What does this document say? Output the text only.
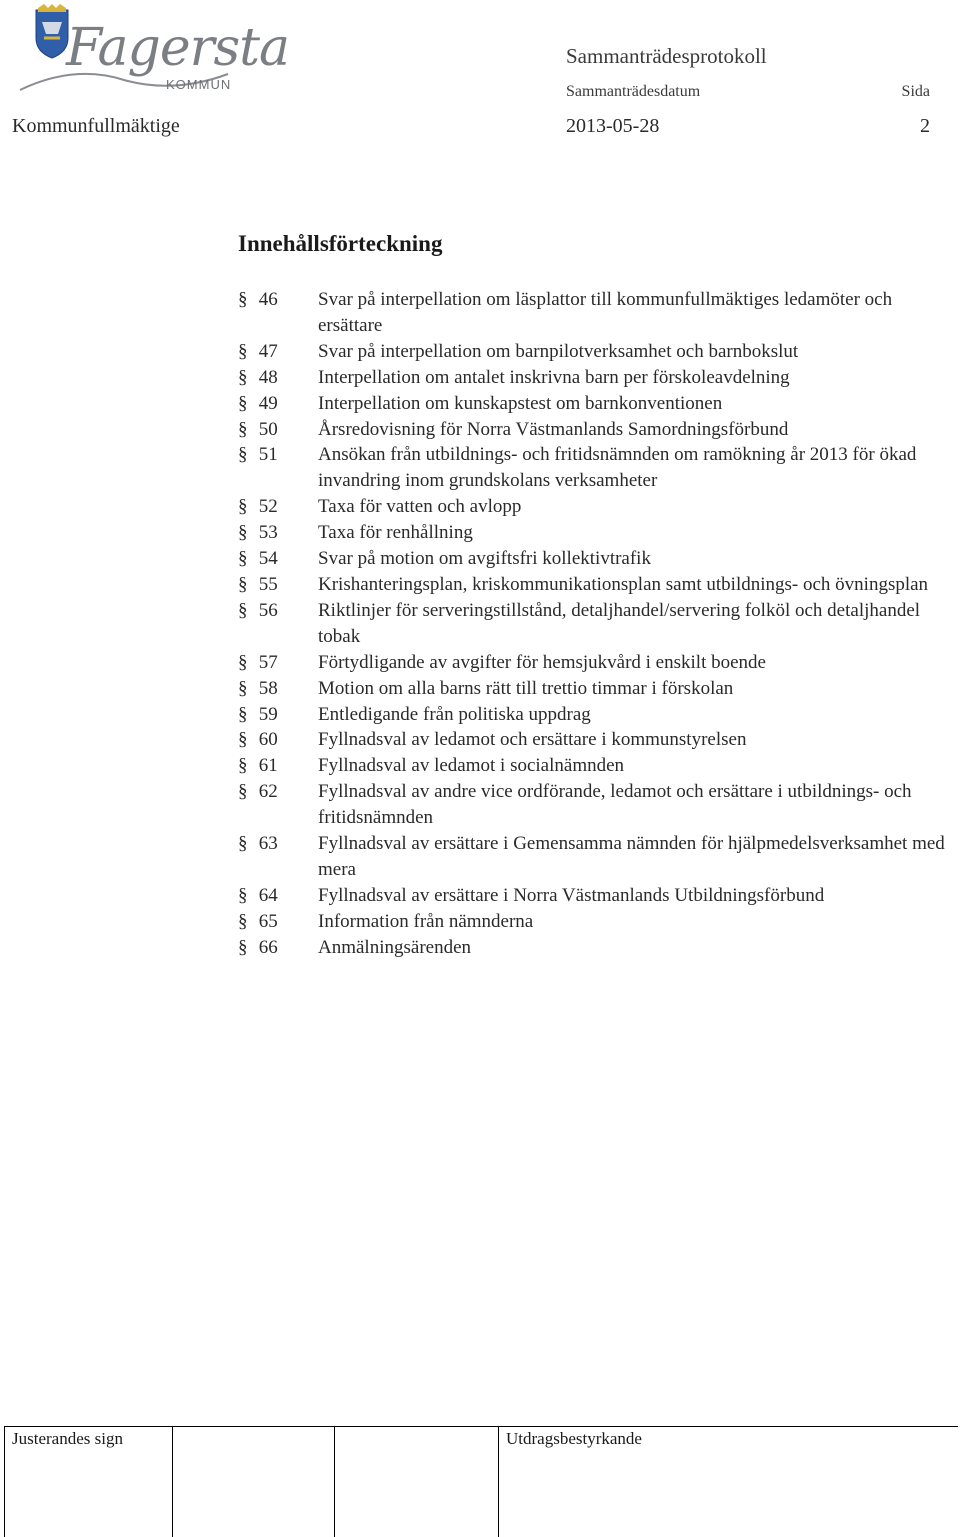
Fagersta
KOMMUN
Sammanträdesprotokoll
Sammanträdesdatum	Sida
Kommunfullmäktige	2013-05-28	2
Innehållsförteckning
§ 46	Svar på interpellation om läsplattor till kommunfullmäktiges ledamöter och ersättare
§ 47	Svar på interpellation om barnpilotverksamhet och barnbokslut
§ 48	Interpellation om antalet inskrivna barn per förskoleavdelning
§ 49	Interpellation om kunskapstest om barnkonventionen
§ 50	Årsredovisning för Norra Västmanlands Samordningsförbund
§ 51	Ansökan från utbildnings- och fritidsnämnden om ramökning år 2013 för ökad invandring inom grundskolans verksamheter
§ 52	Taxa för vatten och avlopp
§ 53	Taxa för renhållning
§ 54	Svar på motion om avgiftsfri kollektivtrafik
§ 55	Krishanteringsplan, kriskommunikationsplan samt utbildnings- och övningsplan
§ 56	Riktlinjer för serveringstillstånd, detaljhandel/servering folköl och detaljhandel tobak
§ 57	Förtydligande av avgifter för hemsjukvård i enskilt boende
§ 58	Motion om alla barns rätt till trettio timmar i förskolan
§ 59	Entledigande från politiska uppdrag
§ 60	Fyllnadsval av ledamot och ersättare i kommunstyrelsen
§ 61	Fyllnadsval av ledamot i socialnämnden
§ 62	Fyllnadsval av andre vice ordförande, ledamot och ersättare i utbildnings- och fritidsnämnden
§ 63	Fyllnadsval av ersättare i Gemensamma nämnden för hjälpmedelsverksamhet med mera
§ 64	Fyllnadsval av ersättare i Norra Västmanlands Utbildningsförbund
§ 65	Information från nämnderna
§ 66	Anmälningsärenden
Justerandes sign	Utdragsbestyrkande
